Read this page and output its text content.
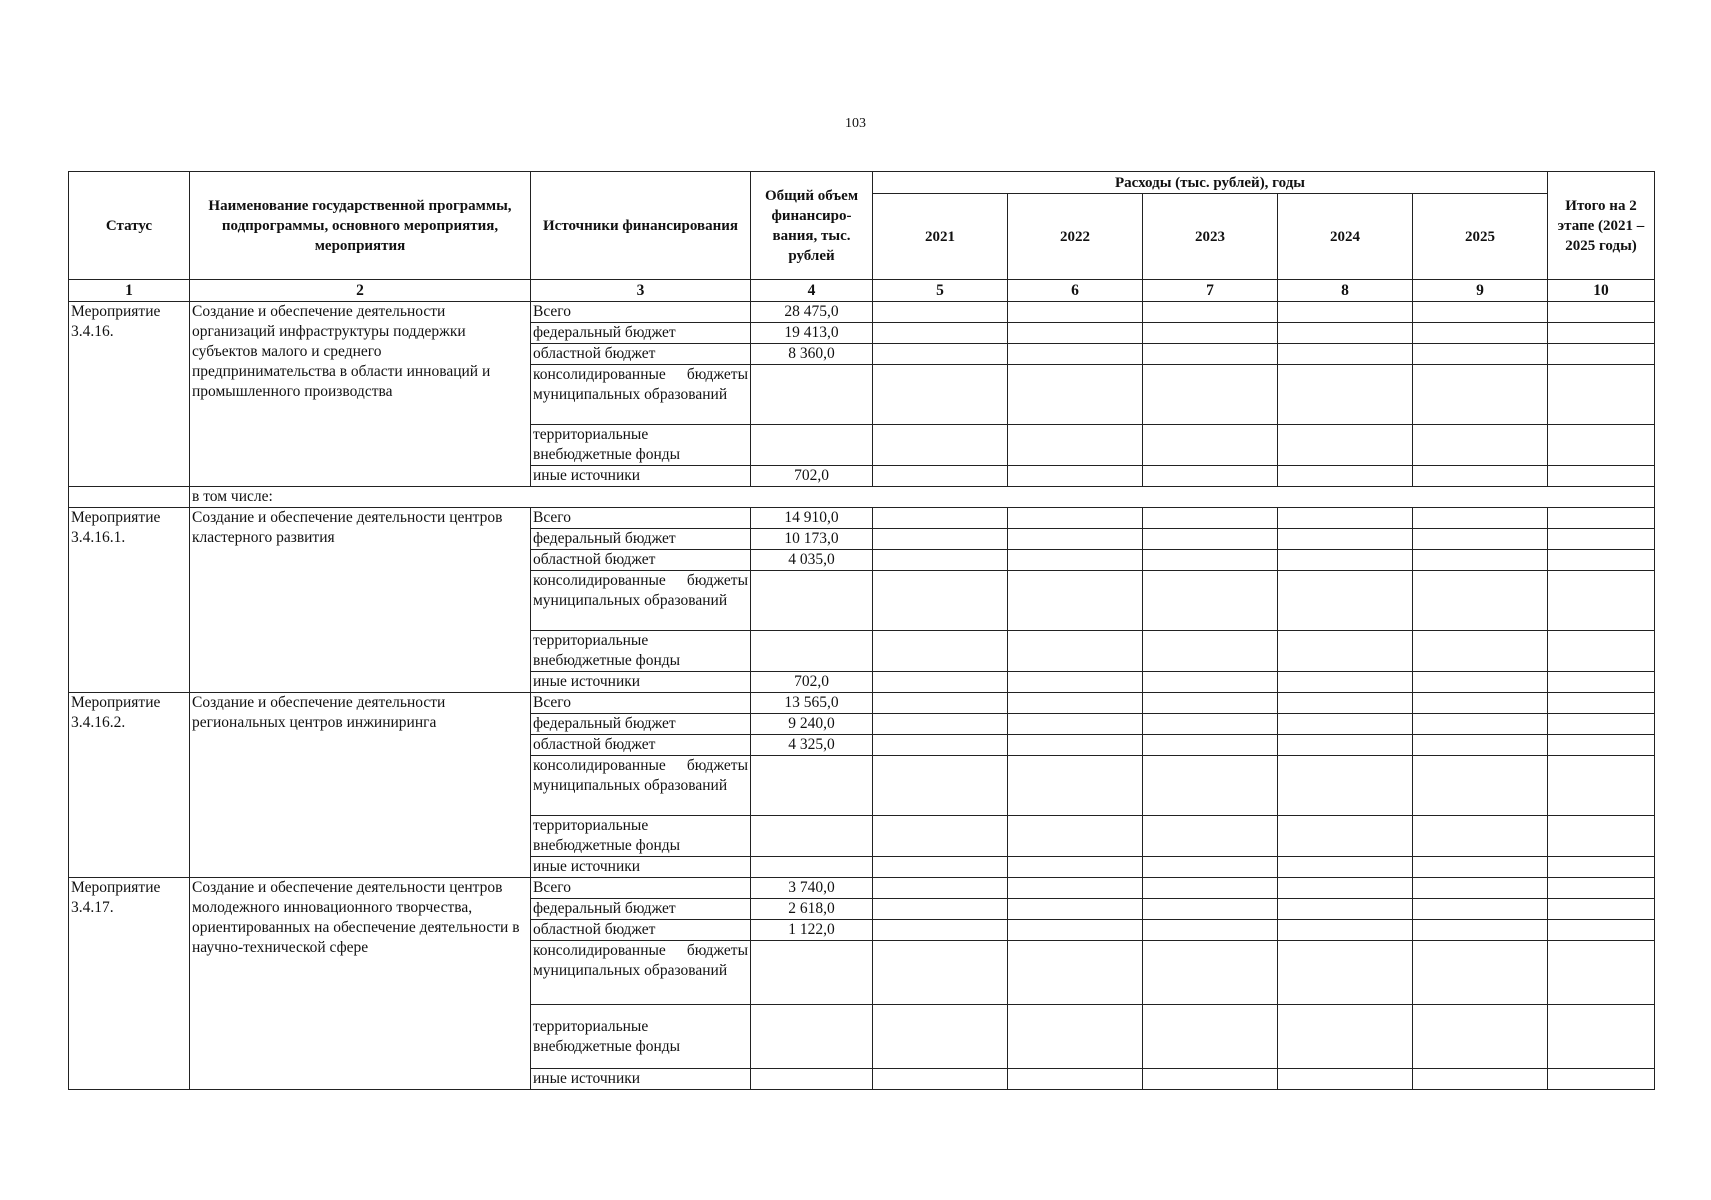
103
Статус	Наименование государственной программы, подпрограммы, основного мероприятия, мероприятия	Источники финансирования	Общий объем финансиро-вания, тыс. рублей	Расходы (тыс. рублей), годы					Итого на 2 этапе (2021 – 2025 годы)
				2021	2022	2023	2024	2025	
1	2	3	4	5	6	7	8	9	10
Мероприятие 3.4.16.	Создание и обеспечение деятельности организаций инфраструктуры поддержки субъектов малого и среднего предпринимательства в области инноваций и промышленного производства	Всего	28 475,0						
		федеральный бюджет	19 413,0						
		областной бюджет	8 360,0						
		консолидированные бюджеты муниципальных образований							
		территориальные внебюджетные фонды							
		иные источники	702,0						
	в том числе:								
Мероприятие 3.4.16.1.	Создание и обеспечение деятельности центров кластерного развития	Всего	14 910,0						
		федеральный бюджет	10 173,0						
		областной бюджет	4 035,0						
		консолидированные бюджеты муниципальных образований							
		территориальные внебюджетные фонды							
		иные источники	702,0						
Мероприятие 3.4.16.2.	Создание и обеспечение деятельности региональных центров инжиниринга	Всего	13 565,0						
		федеральный бюджет	9 240,0						
		областной бюджет	4 325,0						
		консолидированные бюджеты муниципальных образований							
		территориальные внебюджетные фонды							
		иные источники							
Мероприятие 3.4.17.	Создание и обеспечение деятельности центров молодежного инновационного творчества, ориентированных на обеспечение деятельности в научно-технической сфере	Всего	3 740,0						
		федеральный бюджет	2 618,0						
		областной бюджет	1 122,0						
		консолидированные бюджеты муниципальных образований							
		территориальные внебюджетные фонды							
		иные источники							
